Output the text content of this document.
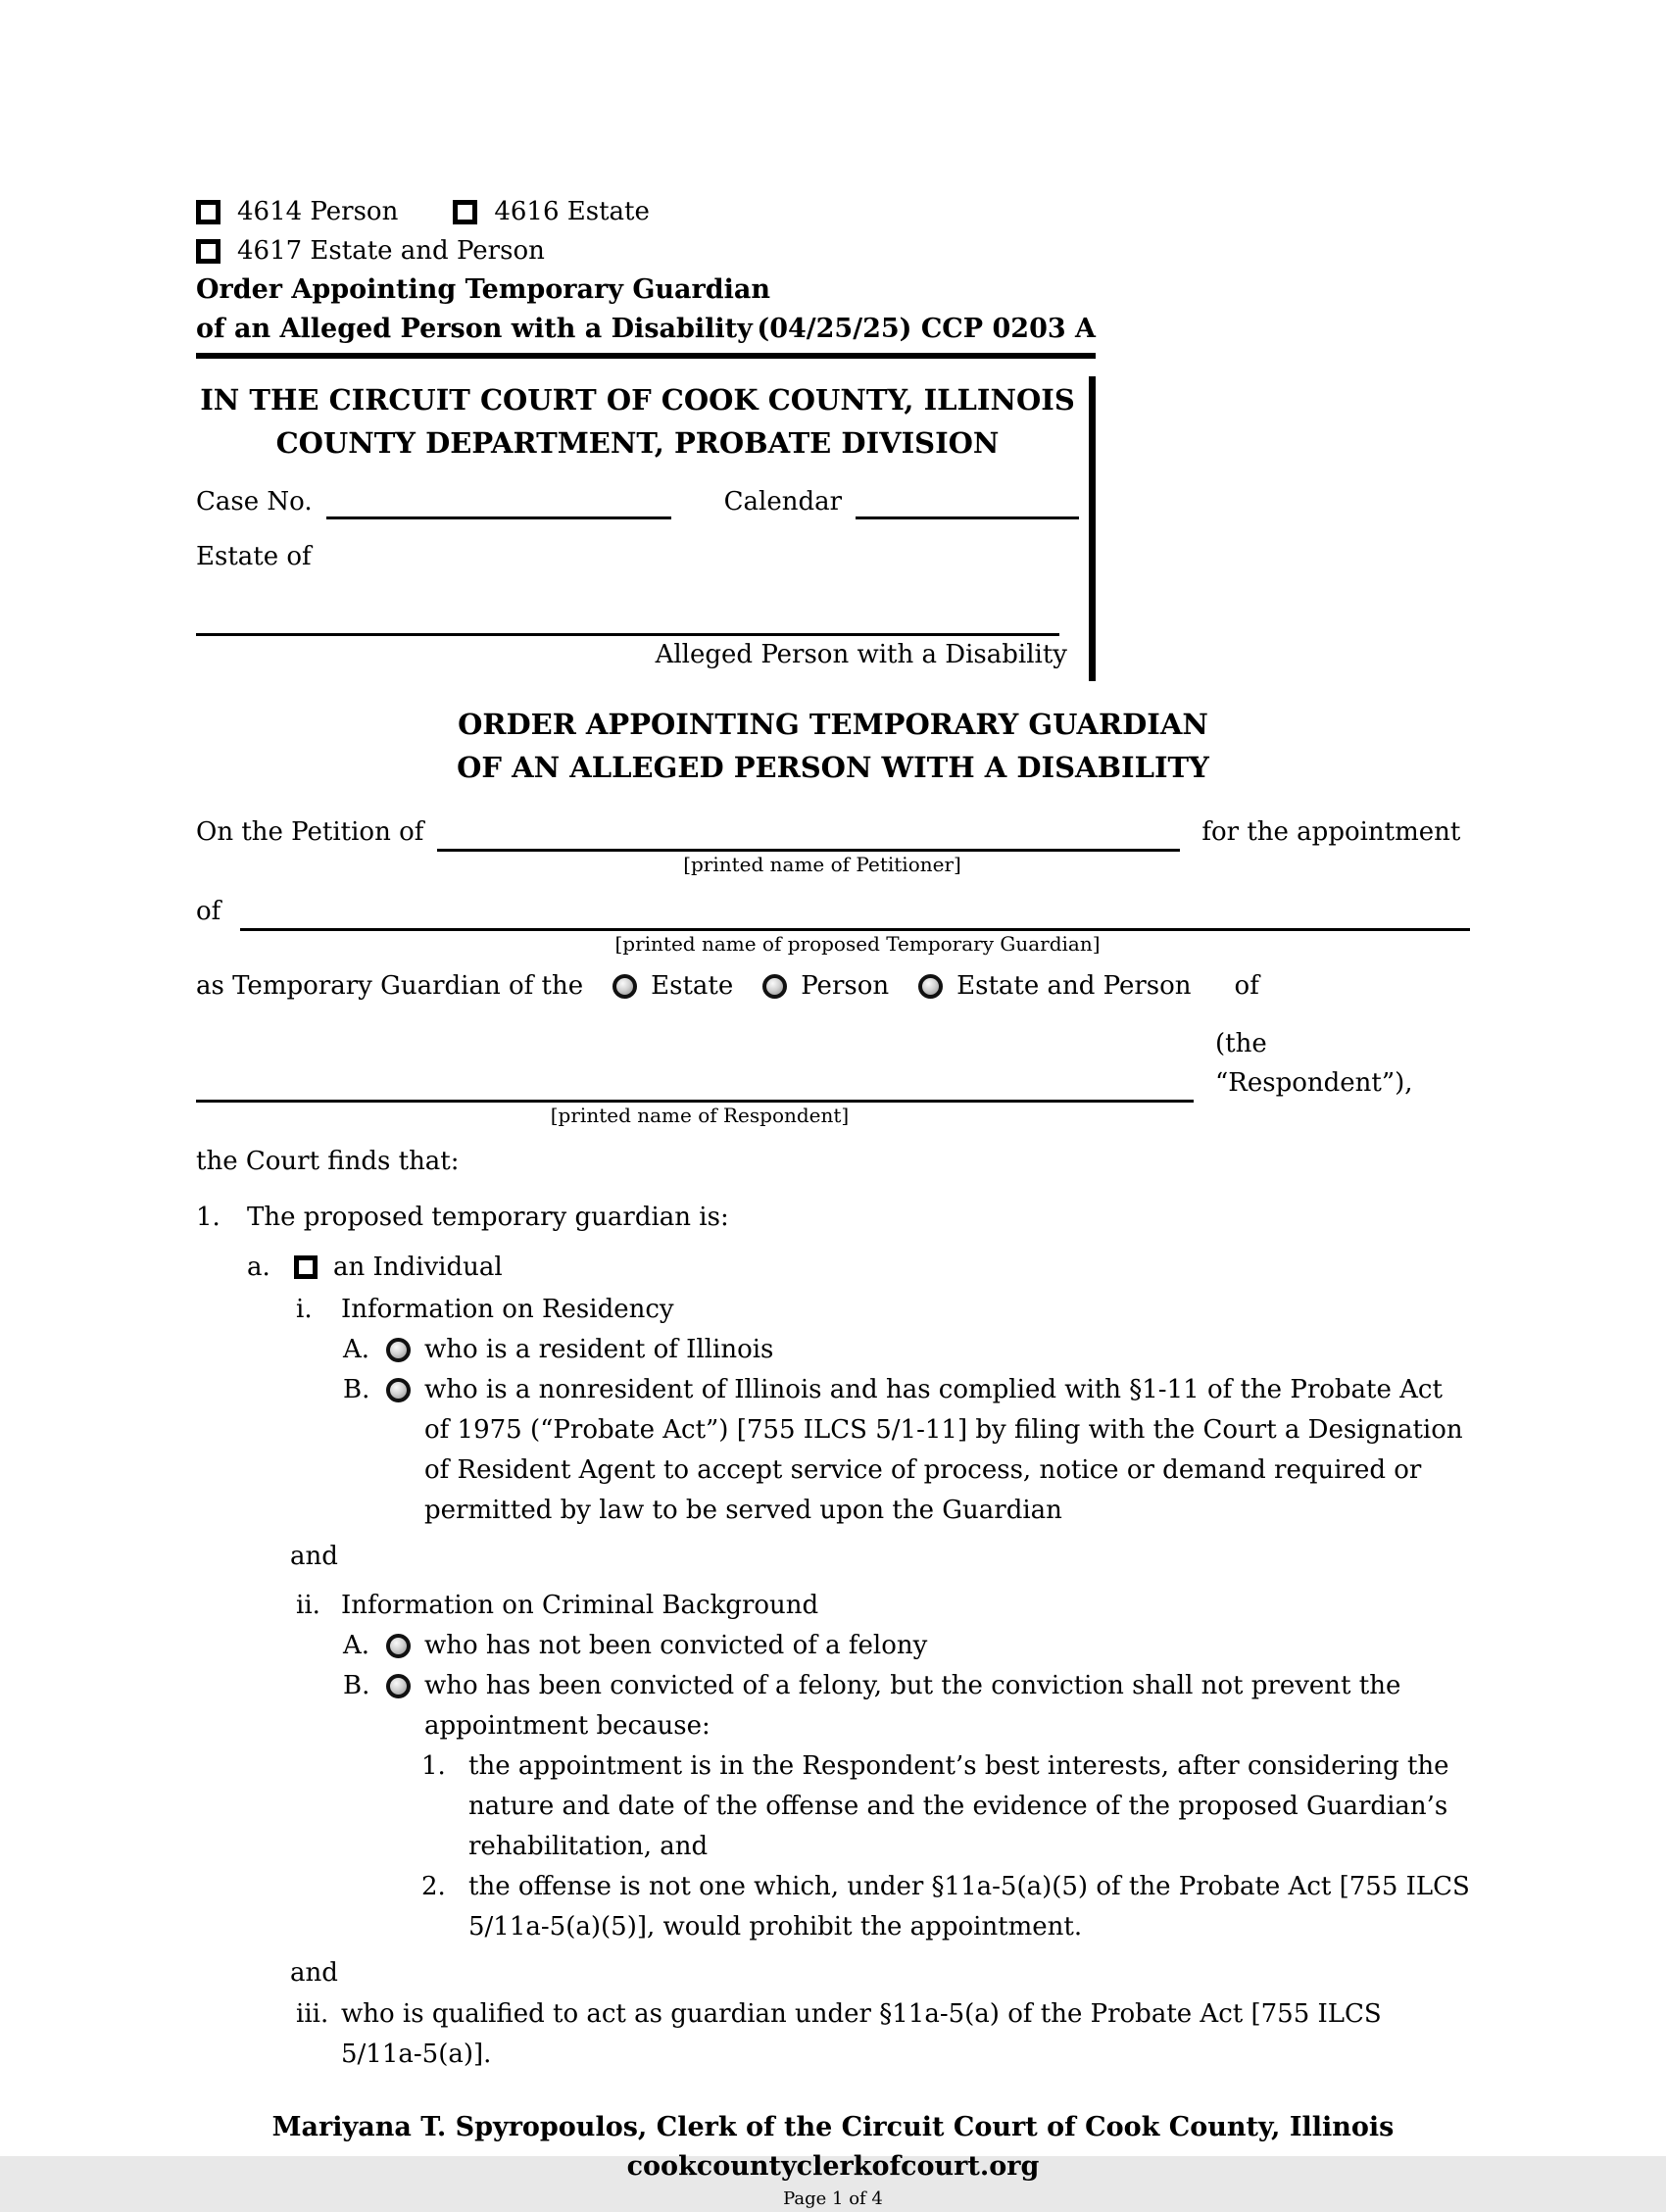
4614 Person	4616 Estate
4617 Estate and Person
Order Appointing Temporary Guardian
of an Alleged Person with a Disability (04/25/25) CCP 0203 A
IN THE CIRCUIT COURT OF COOK COUNTY, ILLINOIS
COUNTY DEPARTMENT, PROBATE DIVISION
Case No.	Calendar
Estate of
Alleged Person with a Disability
ORDER APPOINTING TEMPORARY GUARDIAN
OF AN ALLEGED PERSON WITH A DISABILITY
On the Petition of	for the appointment
[printed name of Petitioner]
of
[printed name of proposed Temporary Guardian]
as Temporary Guardian of the	Estate	Person	Estate and Person of
(the “Respondent”),
[printed name of Respondent]
the Court finds that:
1.	The proposed temporary guardian is:
a.	an Individual
i.	Information on Residency
A.	who is a resident of Illinois
B.	who is a nonresident of Illinois and has complied with §1-11 of the Probate Act of 1975 (“Probate Act”) [755 ILCS 5/1-11] by filing with the Court a Designation of Resident Agent to accept service of process, notice or demand required or permitted by law to be served upon the Guardian
and
ii. Information on Criminal Background
A.	who has not been convicted of a felony
B.	who has been convicted of a felony, but the conviction shall not prevent the appointment because:
1. the appointment is in the Respondent’s best interests, after considering the nature and date of the offense and the evidence of the proposed Guardian’s rehabilitation, and
2. the offense is not one which, under §11a-5(a)(5) of the Probate Act [755 ILCS 5/11a-5(a)(5)], would prohibit the appointment.
and
iii. who is qualified to act as guardian under §11a-5(a) of the Probate Act [755 ILCS 5/11a-5(a)].
Mariyana T. Spyropoulos, Clerk of the Circuit Court of Cook County, Illinois
cookcountyclerkofcourt.org
Page 1 of 4
